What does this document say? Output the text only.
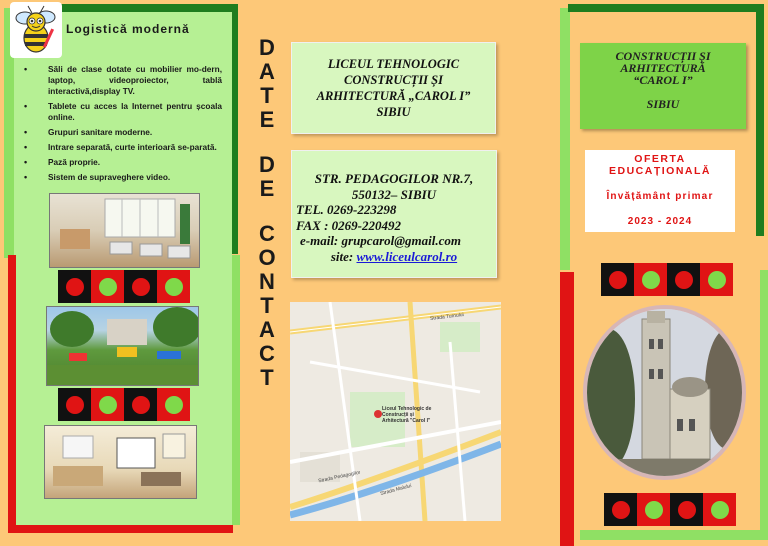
Logistică modernă
• Săli de clase dotate cu mobilier mo-dern, laptop, videoproiector, tablă interactivă,display TV.
• Tablete cu acces la Internet pentru școala online.
• Grupuri sanitare moderne.
• Intrare separată, curte interioară se-parată.
• Pază proprie.
• Sistem de supraveghere video.
D
A
T
E
D
E
C
O
N
T
A
C
T
LICEUL TEHNOLOGIC
CONSTRUCȚII ȘI
ARHITECTURĂ „CAROL I”
SIBIU
STR. PEDAGOGILOR NR.7,
550132– SIBIU
TEL. 0269-223298
FAX : 0269-220492
e-mail: grupcarol@gmail.com
site: www.liceulcarol.ro
Liceul Tehnologic de
Construcții și
Arhitectură "Carol I"
Strada Pedagogilor
Strada Turnului
Strada Malului
CONSTRUCȚII ȘI
ARHITECTURĂ
“CAROL I”
SIBIU
OFERTA
EDUCAȚIONALĂ
Învățământ primar
2023 - 2024
